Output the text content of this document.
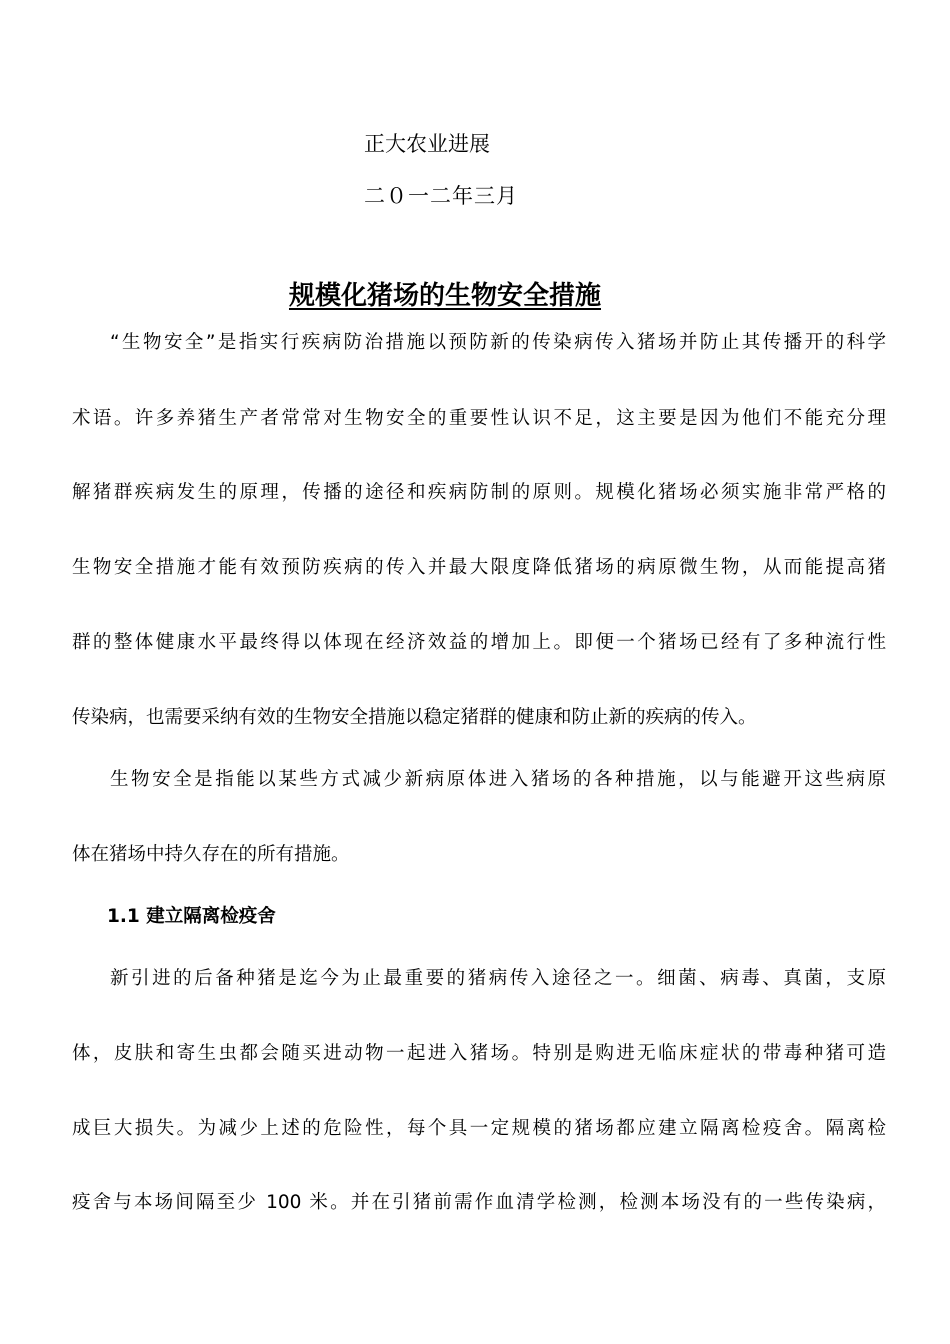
正大农业进展
二０一二年三月
规模化猪场的生物安全措施
“生物安全”是指实行疾病防治措施以预防新的传染病传入猪场并防止其传播开的科学
术语。许多养猪生产者常常对生物安全的重要性认识不足，这主要是因为他们不能充分理
解猪群疾病发生的原理，传播的途径和疾病防制的原则。规模化猪场必须实施非常严格的
生物安全措施才能有效预防疾病的传入并最大限度降低猪场的病原微生物，从而能提高猪
群的整体健康水平最终得以体现在经济效益的增加上。即便一个猪场已经有了多种流行性
传染病，也需要采纳有效的生物安全措施以稳定猪群的健康和防止新的疾病的传入。
生物安全是指能以某些方式减少新病原体进入猪场的各种措施，以与能避开这些病原
体在猪场中持久存在的所有措施。
1.1 建立隔离检疫舍
新引进的后备种猪是迄今为止最重要的猪病传入途径之一。细菌、病毒、真菌，支原
体，皮肤和寄生虫都会随买进动物一起进入猪场。特别是购进无临床症状的带毒种猪可造
成巨大损失。为减少上述的危险性，每个具一定规模的猪场都应建立隔离检疫舍。隔离检
疫舍与本场间隔至少 100 米。并在引猪前需作血清学检测，检测本场没有的一些传染病，
